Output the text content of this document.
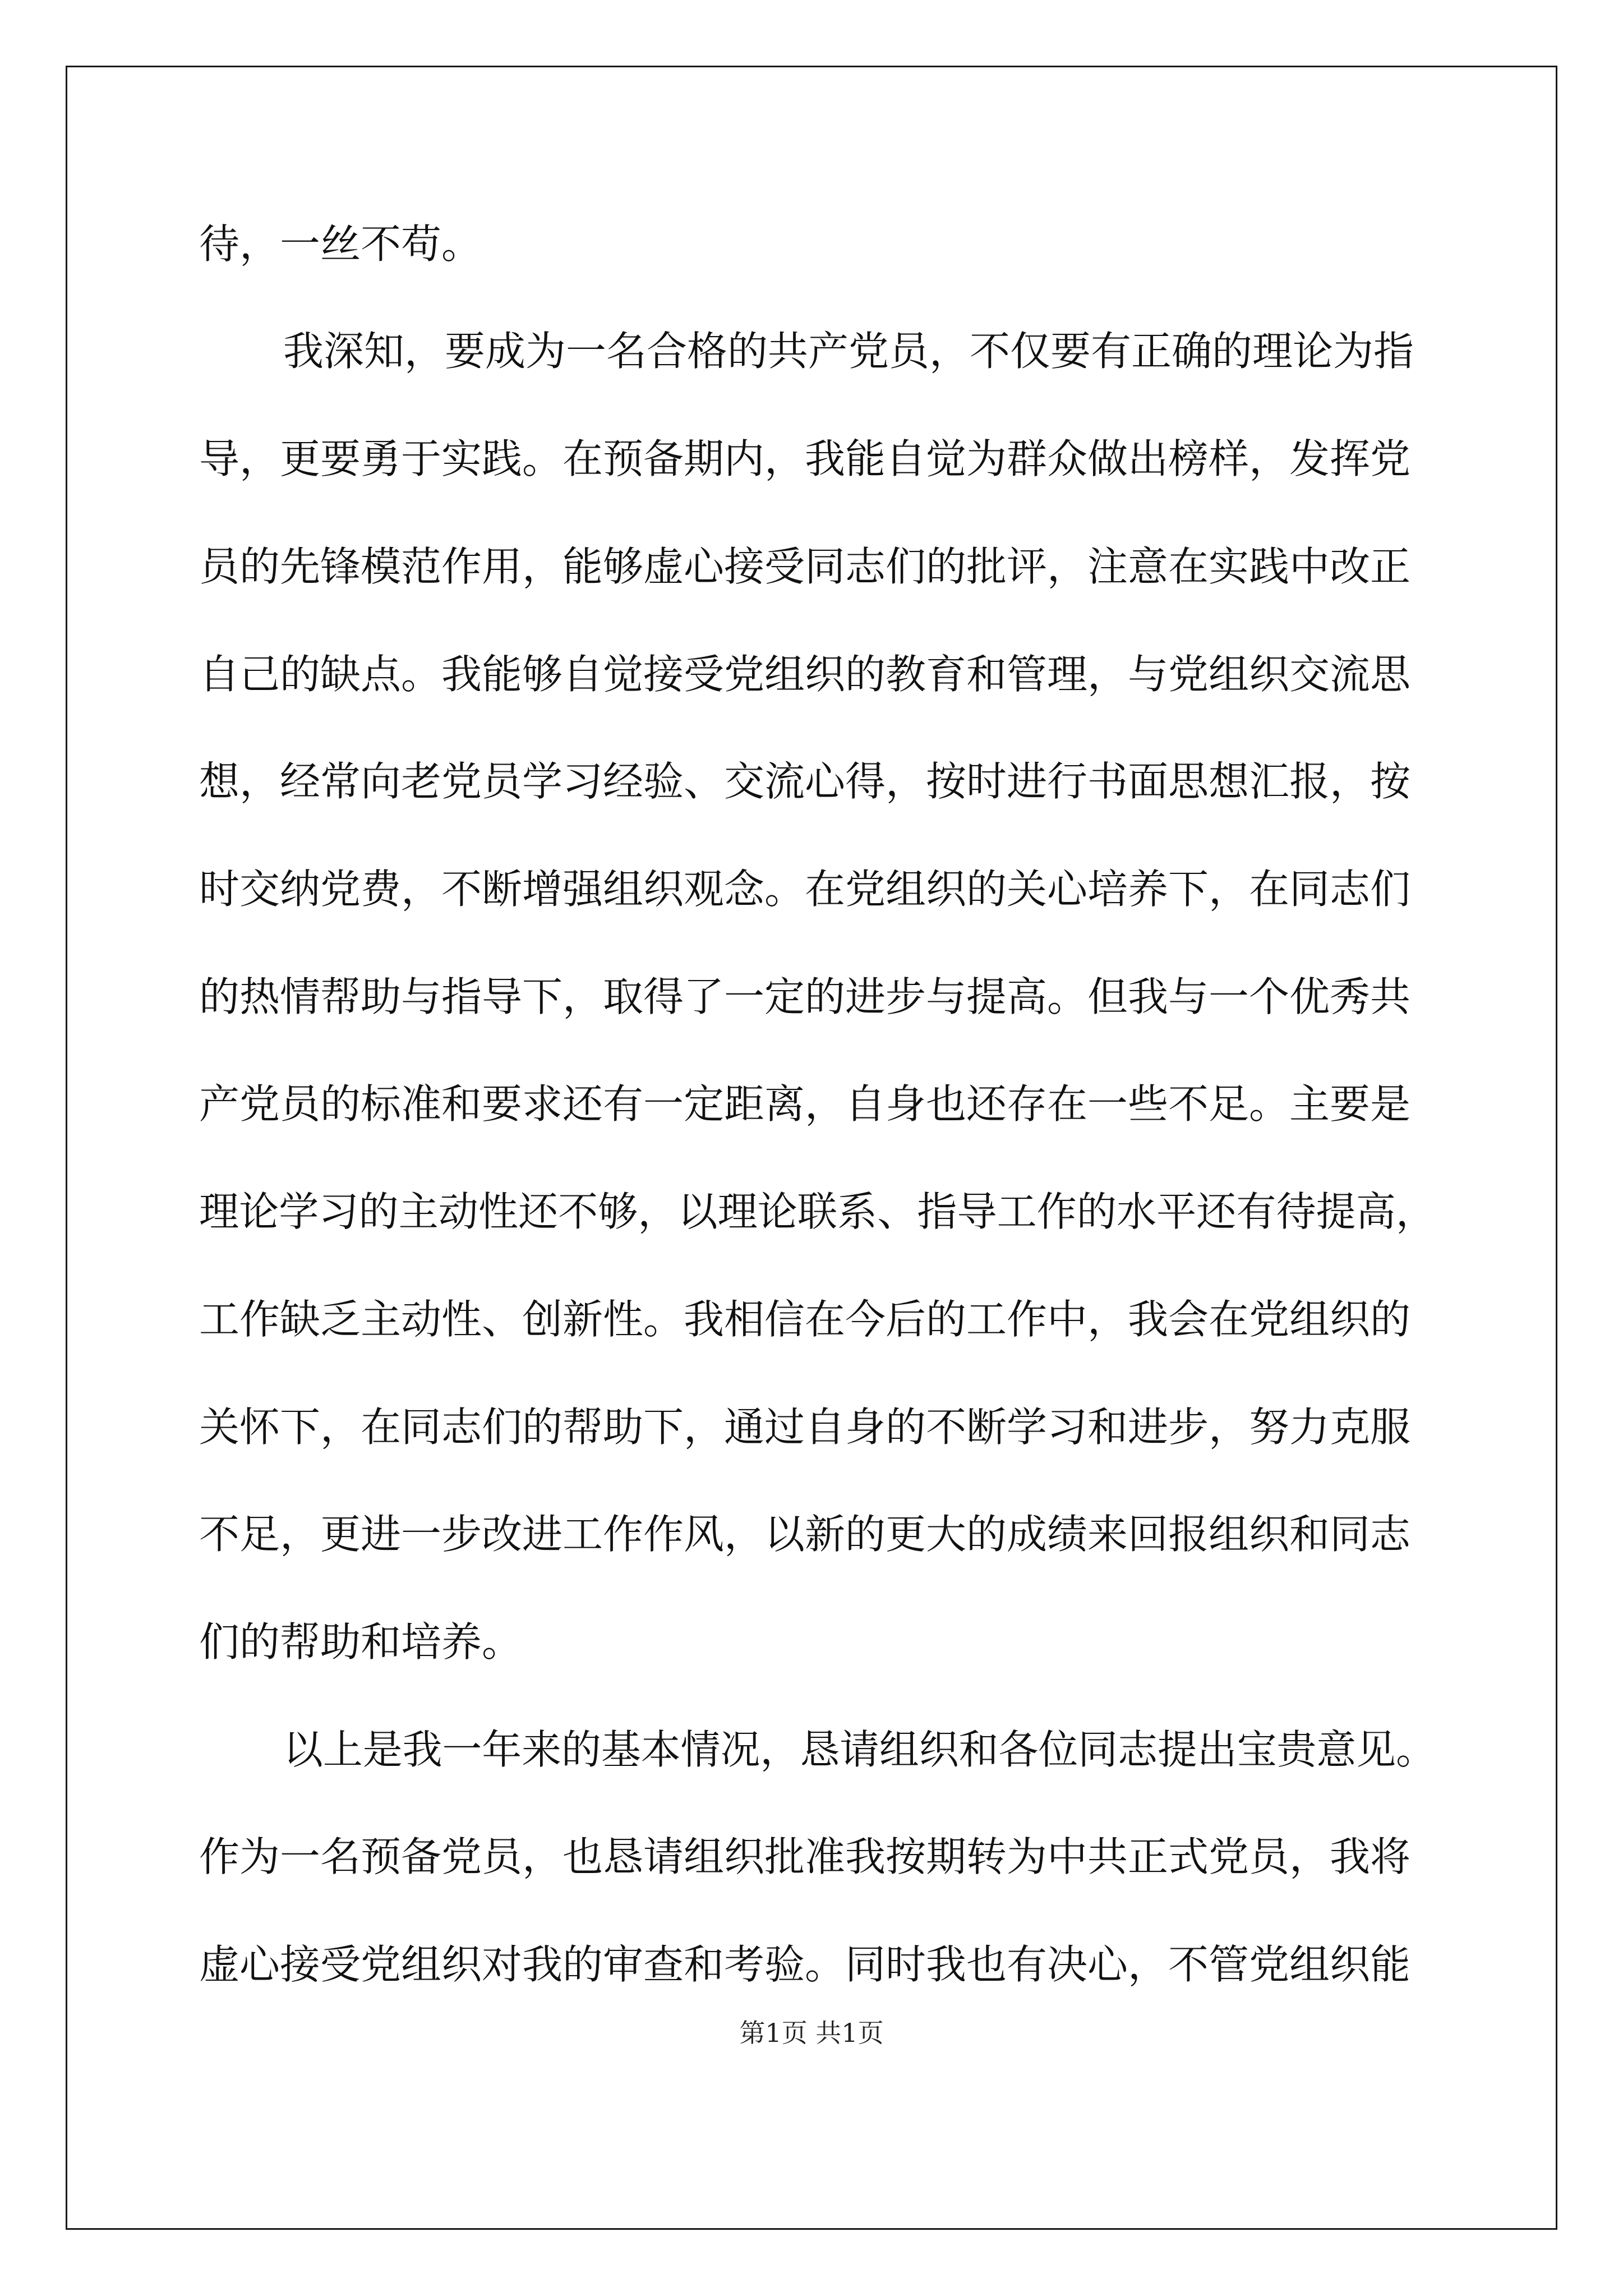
待，一丝不苟。
我深知，要成为一名合格的共产党员，不仅要有正确的理论为指
导，更要勇于实践。在预备期内，我能自觉为群众做出榜样，发挥党
员的先锋模范作用，能够虚心接受同志们的批评，注意在实践中改正
自己的缺点。我能够自觉接受党组织的教育和管理，与党组织交流思
想，经常向老党员学习经验、交流心得，按时进行书面思想汇报，按
时交纳党费，不断增强组织观念。在党组织的关心培养下，在同志们
的热情帮助与指导下，取得了一定的进步与提高。但我与一个优秀共
产党员的标准和要求还有一定距离，自身也还存在一些不足。主要是
理论学习的主动性还不够，以理论联系、指导工作的水平还有待提高，
工作缺乏主动性、创新性。我相信在今后的工作中，我会在党组织的
关怀下，在同志们的帮助下，通过自身的不断学习和进步，努力克服
不足，更进一步改进工作作风，以新的更大的成绩来回报组织和同志
们的帮助和培养。
以上是我一年来的基本情况，恳请组织和各位同志提出宝贵意见。
作为一名预备党员，也恳请组织批准我按期转为中共正式党员，我将
虚心接受党组织对我的审查和考验。同时我也有决心，不管党组织能
第1页 共1页
